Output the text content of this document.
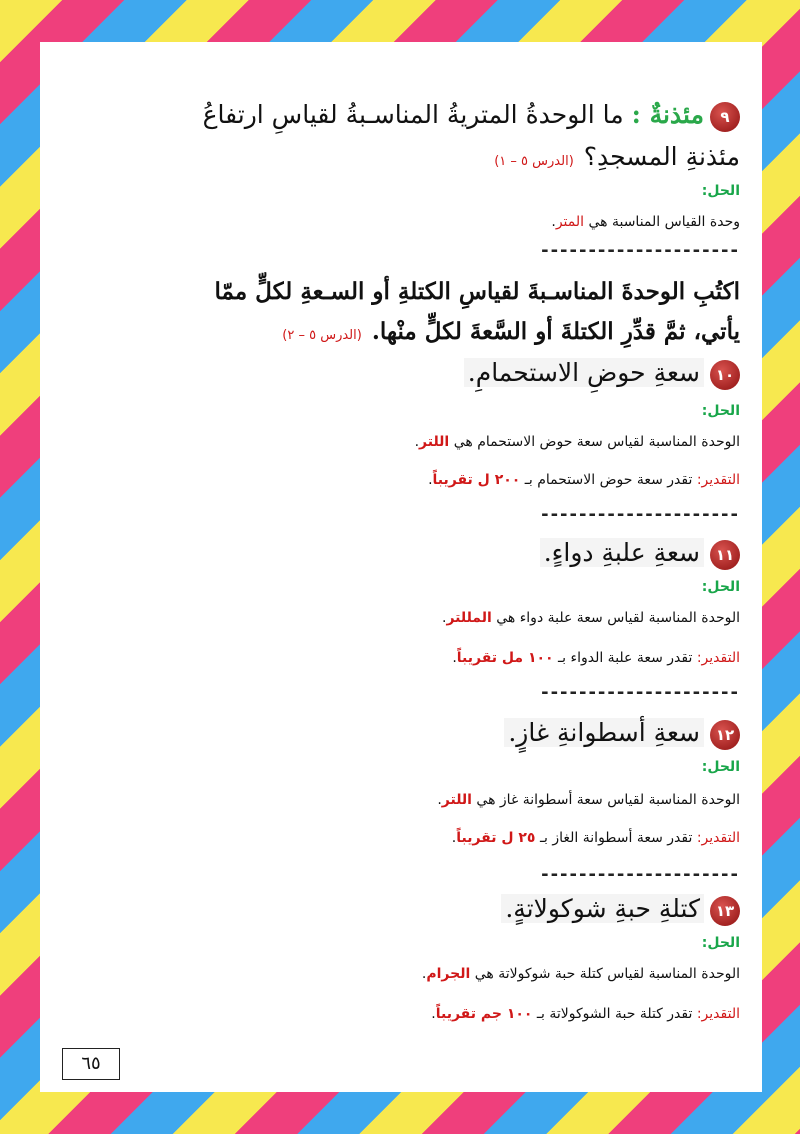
٩مئذنةٌ : ما الوحدةُ المتريةُ المناسـبةُ لقياسِ ارتفاعُ
مئذنةِ المسجدِ؟(الدرس ٥ – ١)
الحل:
وحدة القياس المناسبة هي المتر.
---------------------
اكتُبِ الوحدةَ المناسـبةَ لقياسِ الكتلةِ أو السـعةِ لكلٍّ ممّا
يأتي، ثمَّ قدِّرِ الكتلةَ أو السَّعةَ لكلٍّ منْها.(الدرس ٥ – ٢)
١٠سعةِ حوضِ الاستحمامِ.
الحل:
الوحدة المناسبة لقياس سعة حوض الاستحمام هي اللتر.
التقدير: تقدر سعة حوض الاستحمام بـ ٢٠٠ ل تقريباً.
---------------------
١١سعةِ علبةِ دواءٍ.
الحل:
الوحدة المناسبة لقياس سعة علبة دواء هي المللتر.
التقدير: تقدر سعة علبة الدواء بـ ١٠٠ مل تقريباً.
---------------------
١٢سعةِ أسطوانةِ غازٍ.
الحل:
الوحدة المناسبة لقياس سعة أسطوانة غاز هي اللتر.
التقدير: تقدر سعة أسطوانة الغاز بـ ٢٥ ل تقريباً.
---------------------
١٣كتلةِ حبةِ شوكولاتةٍ.
الحل:
الوحدة المناسبة لقياس كتلة حبة شوكولاتة هي الجرام.
التقدير: تقدر كتلة حبة الشوكولاتة بـ ١٠٠ جم تقريباً.
٦٥
